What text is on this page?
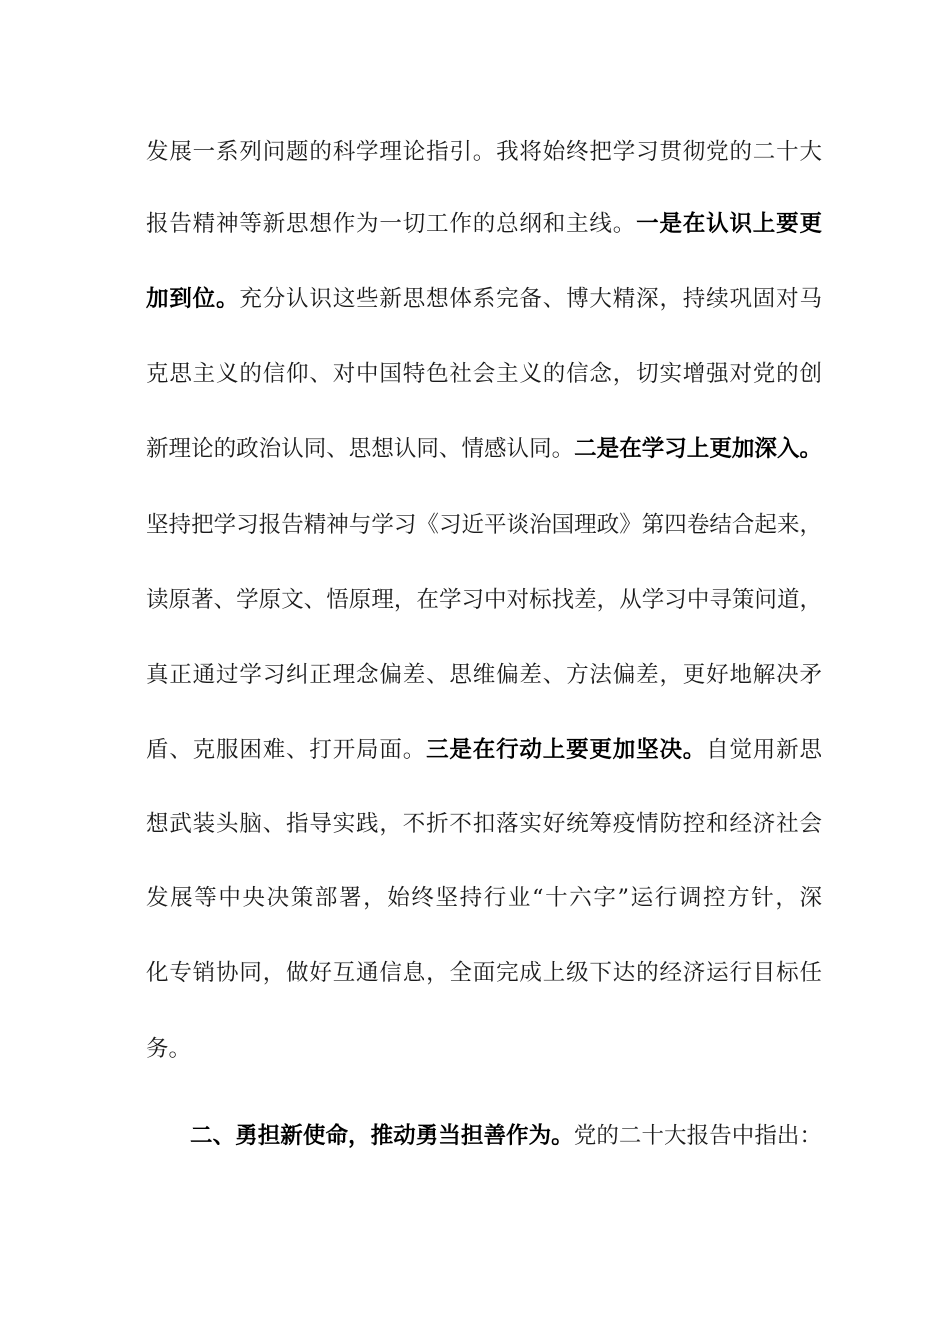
发展一系列问题的科学理论指引。我将始终把学习贯彻党的二十大
报告精神等新思想作为一切工作的总纲和主线。一是在认识上要更
加到位。充分认识这些新思想体系完备、博大精深，持续巩固对马
克思主义的信仰、对中国特色社会主义的信念，切实增强对党的创
新理论的政治认同、思想认同、情感认同。二是在学习上更加深入。
坚持把学习报告精神与学习《习近平谈治国理政》第四卷结合起来，
读原著、学原文、悟原理，在学习中对标找差，从学习中寻策问道，
真正通过学习纠正理念偏差、思维偏差、方法偏差，更好地解决矛
盾、克服困难、打开局面。三是在行动上要更加坚决。自觉用新思
想武装头脑、指导实践，不折不扣落实好统筹疫情防控和经济社会
发展等中央决策部署，始终坚持行业“十六字”运行调控方针，深
化专销协同，做好互通信息，全面完成上级下达的经济运行目标任
务。
二、勇担新使命，推动勇当担善作为。党的二十大报告中指出：
